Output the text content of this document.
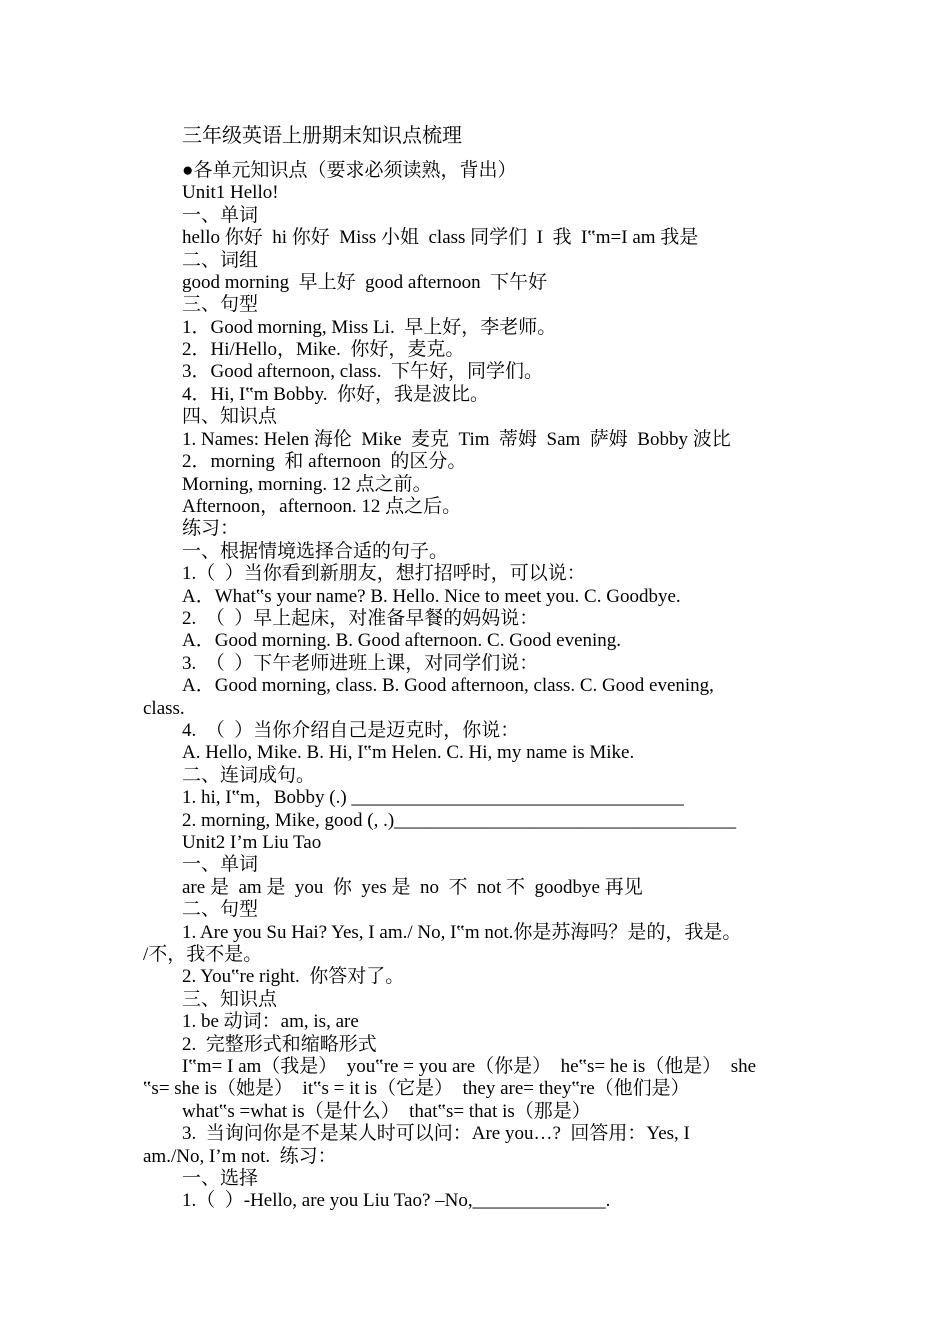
三年级英语上册期末知识点梳理
●各单元知识点（要求必须读熟，背出）
Unit1 Hello!
一、单词
hello 你好  hi 你好  Miss 小姐  class 同学们  I  我  I‟m=I am 我是
二、词组
good morning  早上好  good afternoon  下午好
三、句型
1．Good morning, Miss Li.  早上好，李老师。
2．Hi/Hello，Mike.  你好，麦克。
3．Good afternoon, class.  下午好，同学们。
4．Hi, I‟m Bobby.  你好，我是波比。
四、知识点
1. Names: Helen 海伦  Mike  麦克  Tim  蒂姆  Sam  萨姆  Bobby 波比
2．morning  和 afternoon  的区分。
Morning, morning. 12 点之前。
Afternoon，afternoon. 12 点之后。
练习：
一、根据情境选择合适的句子。
1.（  ）当你看到新朋友，想打招呼时，可以说：
A．What‟s your name? B. Hello. Nice to meet you. C. Goodbye.
2.  （  ）早上起床，对准备早餐的妈妈说：
A．Good morning. B. Good afternoon. C. Good evening.
3.  （  ）下午老师进班上课，对同学们说：
A．Good morning, class. B. Good afternoon, class. C. Good evening,
class.
4.  （  ）当你介绍自己是迈克时，你说：
A. Hello, Mike. B. Hi, I‟m Helen. C. Hi, my name is Mike.
二、连词成句。
1. hi, I‟m，Bobby (.) ___________________________________
2. morning, Mike, good (, .)____________________________________
Unit2 I’m Liu Tao
一、单词
are 是  am 是  you  你  yes 是  no  不  not 不  goodbye 再见
二、句型
1. Are you Su Hai? Yes, I am./ No, I‟m not.你是苏海吗？是的，我是。
/不，我不是。
2. You‟re right.  你答对了。
三、知识点
1. be 动词：am, is, are
2.  完整形式和缩略形式
I‟m= I am（我是）  you‟re = you are（你是）  he‟s= he is（他是）  she
‟s= she is（她是）  it‟s = it is（它是）  they are= they‟re（他们是）
what‟s =what is（是什么）  that‟s= that is（那是）
3.  当询问你是不是某人时可以问：Are you…?  回答用：Yes, I
am./No, I’m not.  练习：
一、选择
1.（  ）-Hello, are you Liu Tao? –No,______________.
